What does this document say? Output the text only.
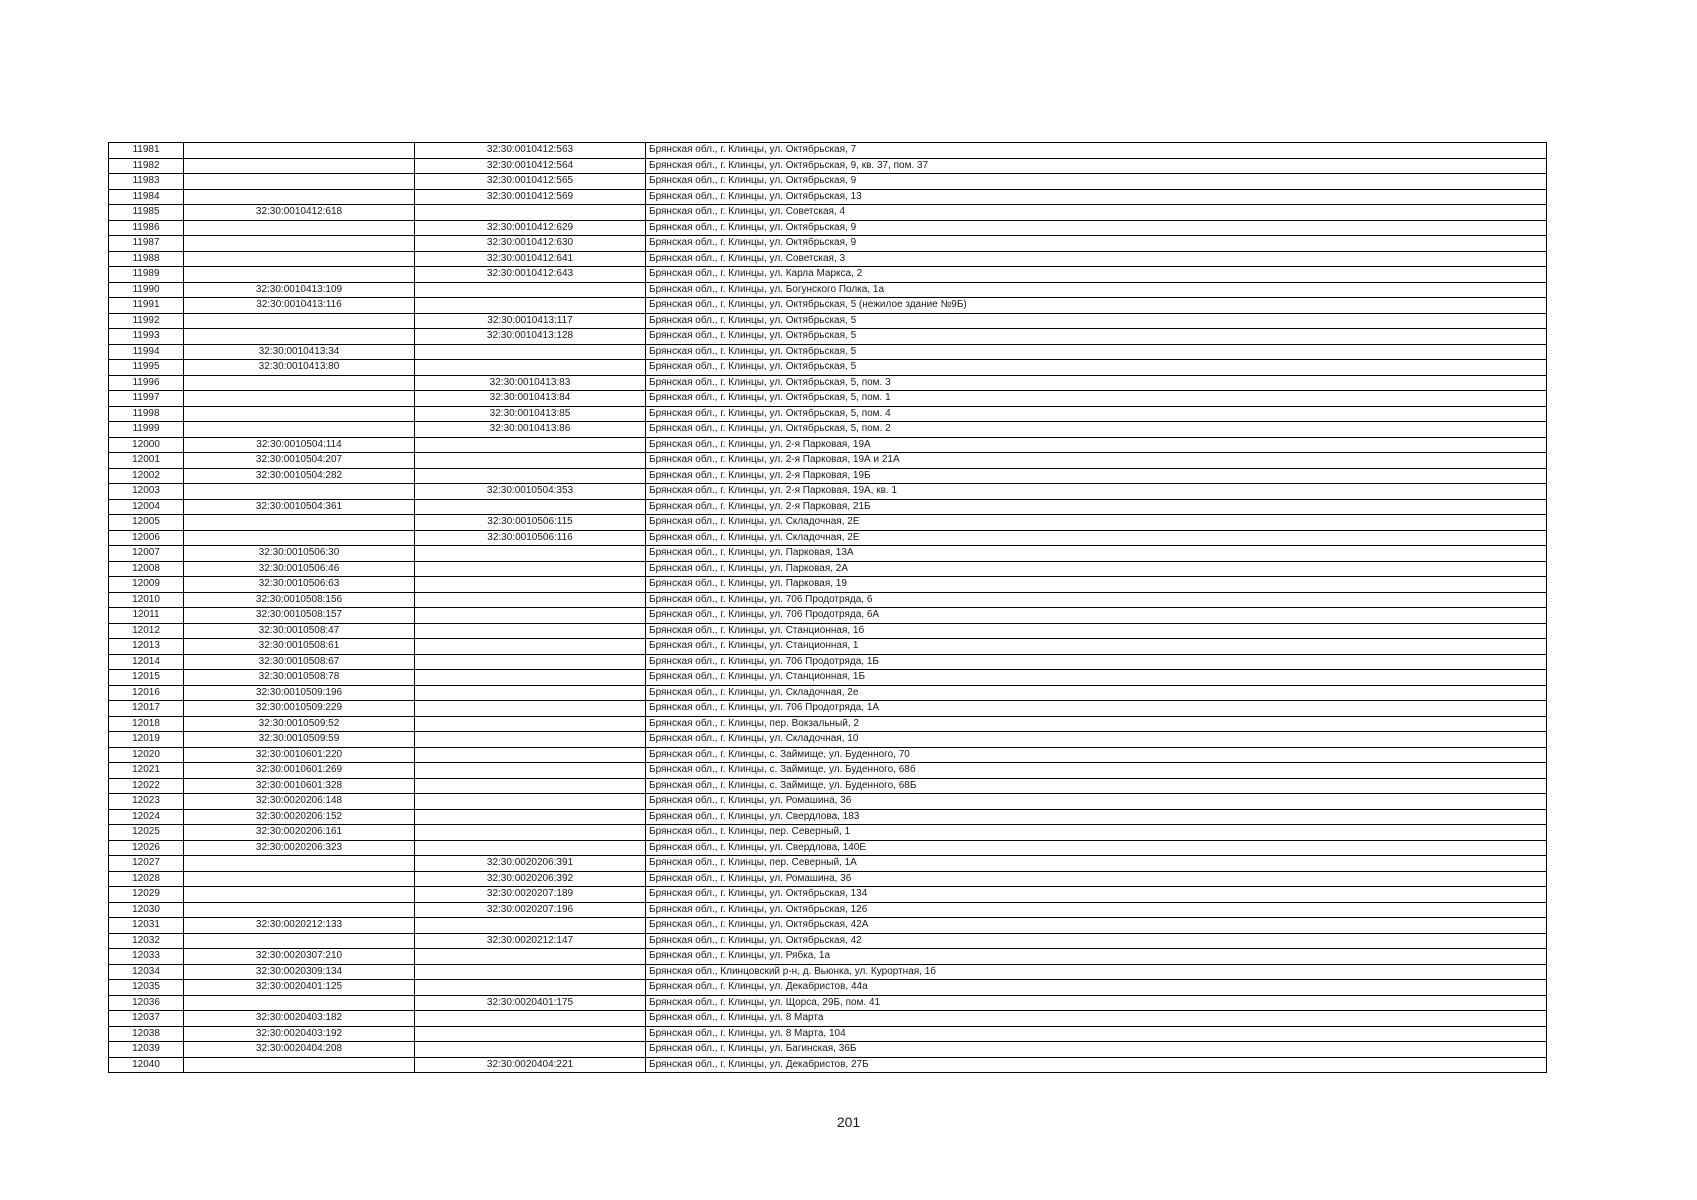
11981		32:30:0010412:563	Брянская обл., г. Клинцы, ул. Октябрьская, 7
11982		32:30:0010412:564	Брянская обл., г. Клинцы, ул. Октябрьская, 9, кв. 37, пом. 37
11983		32:30:0010412:565	Брянская обл., г. Клинцы, ул. Октябрьская, 9
11984		32:30:0010412:569	Брянская обл., г. Клинцы, ул. Октябрьская, 13
11985	32:30:0010412:618		Брянская обл., г. Клинцы, ул. Советская, 4
11986		32:30:0010412:629	Брянская обл., г. Клинцы, ул. Октябрьская, 9
11987		32:30:0010412:630	Брянская обл., г. Клинцы, ул. Октябрьская, 9
11988		32:30:0010412:641	Брянская обл., г. Клинцы, ул. Советская, 3
11989		32:30:0010412:643	Брянская обл., г. Клинцы, ул. Карла Маркса, 2
11990	32:30:0010413:109		Брянская обл., г. Клинцы, ул. Богунского Полка, 1а
11991	32:30:0010413:116		Брянская обл., г. Клинцы, ул. Октябрьская, 5 (нежилое здание №9Б)
11992		32:30:0010413:117	Брянская обл., г. Клинцы, ул. Октябрьская, 5
11993		32:30:0010413:128	Брянская обл., г. Клинцы, ул. Октябрьская, 5
11994	32:30:0010413:34		Брянская обл., г. Клинцы, ул. Октябрьская, 5
11995	32:30:0010413:80		Брянская обл., г. Клинцы, ул. Октябрьская, 5
11996		32:30:0010413:83	Брянская обл., г. Клинцы, ул. Октябрьская, 5, пом. 3
11997		32:30:0010413:84	Брянская обл., г. Клинцы, ул. Октябрьская, 5, пом. 1
11998		32:30:0010413:85	Брянская обл., г. Клинцы, ул. Октябрьская, 5, пом. 4
11999		32:30:0010413:86	Брянская обл., г. Клинцы, ул. Октябрьская, 5, пом. 2
12000	32:30:0010504:114		Брянская обл., г. Клинцы, ул. 2-я Парковая, 19А
12001	32:30:0010504:207		Брянская обл., г. Клинцы, ул. 2-я Парковая, 19А и 21А
12002	32:30:0010504:282		Брянская обл., г. Клинцы, ул. 2-я Парковая, 19Б
12003		32:30:0010504:353	Брянская обл., г. Клинцы, ул. 2-я Парковая, 19А, кв. 1
12004	32:30:0010504:361		Брянская обл., г. Клинцы, ул. 2-я Парковая, 21Б
12005		32:30:0010506:115	Брянская обл., г. Клинцы, ул. Складочная, 2Е
12006		32:30:0010506:116	Брянская обл., г. Клинцы, ул. Складочная, 2Е
12007	32:30:0010506:30		Брянская обл., г. Клинцы, ул. Парковая, 13А
12008	32:30:0010506:46		Брянская обл., г. Клинцы, ул. Парковая, 2А
12009	32:30:0010506:63		Брянская обл., г. Клинцы, ул. Парковая, 19
12010	32:30:0010508:156		Брянская обл., г. Клинцы, ул. 706 Продотряда, 6
12011	32:30:0010508:157		Брянская обл., г. Клинцы, ул. 706 Продотряда, 6А
12012	32:30:0010508:47		Брянская обл., г. Клинцы, ул. Станционная, 1б
12013	32:30:0010508:61		Брянская обл., г. Клинцы, ул. Станционная, 1
12014	32:30:0010508:67		Брянская обл., г. Клинцы, ул. 706 Продотряда, 1Б
12015	32:30:0010508:78		Брянская обл., г. Клинцы, ул. Станционная, 1Б
12016	32:30:0010509:196		Брянская обл., г. Клинцы, ул. Складочная, 2е
12017	32:30:0010509:229		Брянская обл., г. Клинцы, ул. 706 Продотряда, 1А
12018	32:30:0010509:52		Брянская обл., г. Клинцы, пер. Вокзальный, 2
12019	32:30:0010509:59		Брянская обл., г. Клинцы, ул. Складочная, 10
12020	32:30:0010601:220		Брянская обл., г. Клинцы, с. Займище, ул. Буденного, 70
12021	32:30:0010601:269		Брянская обл., г. Клинцы, с. Займище, ул. Буденного, 68б
12022	32:30:0010601:328		Брянская обл., г. Клинцы, с. Займище, ул. Буденного, 68Б
12023	32:30:0020206:148		Брянская обл., г. Клинцы, ул. Ромашина, 36
12024	32:30:0020206:152		Брянская обл., г. Клинцы, ул. Свердлова, 183
12025	32:30:0020206:161		Брянская обл., г. Клинцы, пер. Северный, 1
12026	32:30:0020206:323		Брянская обл., г. Клинцы, ул. Свердлова, 140Е
12027		32:30:0020206:391	Брянская обл., г. Клинцы, пер. Северный, 1А
12028		32:30:0020206:392	Брянская обл., г. Клинцы, ул. Ромашина, 36
12029		32:30:0020207:189	Брянская обл., г. Клинцы, ул. Октябрьская, 134
12030		32:30:0020207:196	Брянская обл., г. Клинцы, ул. Октябрьская, 126
12031	32:30:0020212:133		Брянская обл., г. Клинцы, ул. Октябрьская, 42А
12032		32:30:0020212:147	Брянская обл., г. Клинцы, ул. Октябрьская, 42
12033	32:30:0020307:210		Брянская обл., г. Клинцы, ул. Рябка, 1а
12034	32:30:0020309:134		Брянская обл., Клинцовский р-н, д. Вьюнка, ул. Курортная, 1б
12035	32:30:0020401:125		Брянская обл., г. Клинцы, ул. Декабристов, 44а
12036		32:30:0020401:175	Брянская обл., г. Клинцы, ул. Щорса, 29Б, пом. 41
12037	32:30:0020403:182		Брянская обл., г. Клинцы, ул. 8 Марта
12038	32:30:0020403:192		Брянская обл., г. Клинцы, ул. 8 Марта, 104
12039	32:30:0020404:208		Брянская обл., г. Клинцы, ул. Багинская, 36Б
12040		32:30:0020404:221	Брянская обл., г. Клинцы, ул. Декабристов, 27Б
201
